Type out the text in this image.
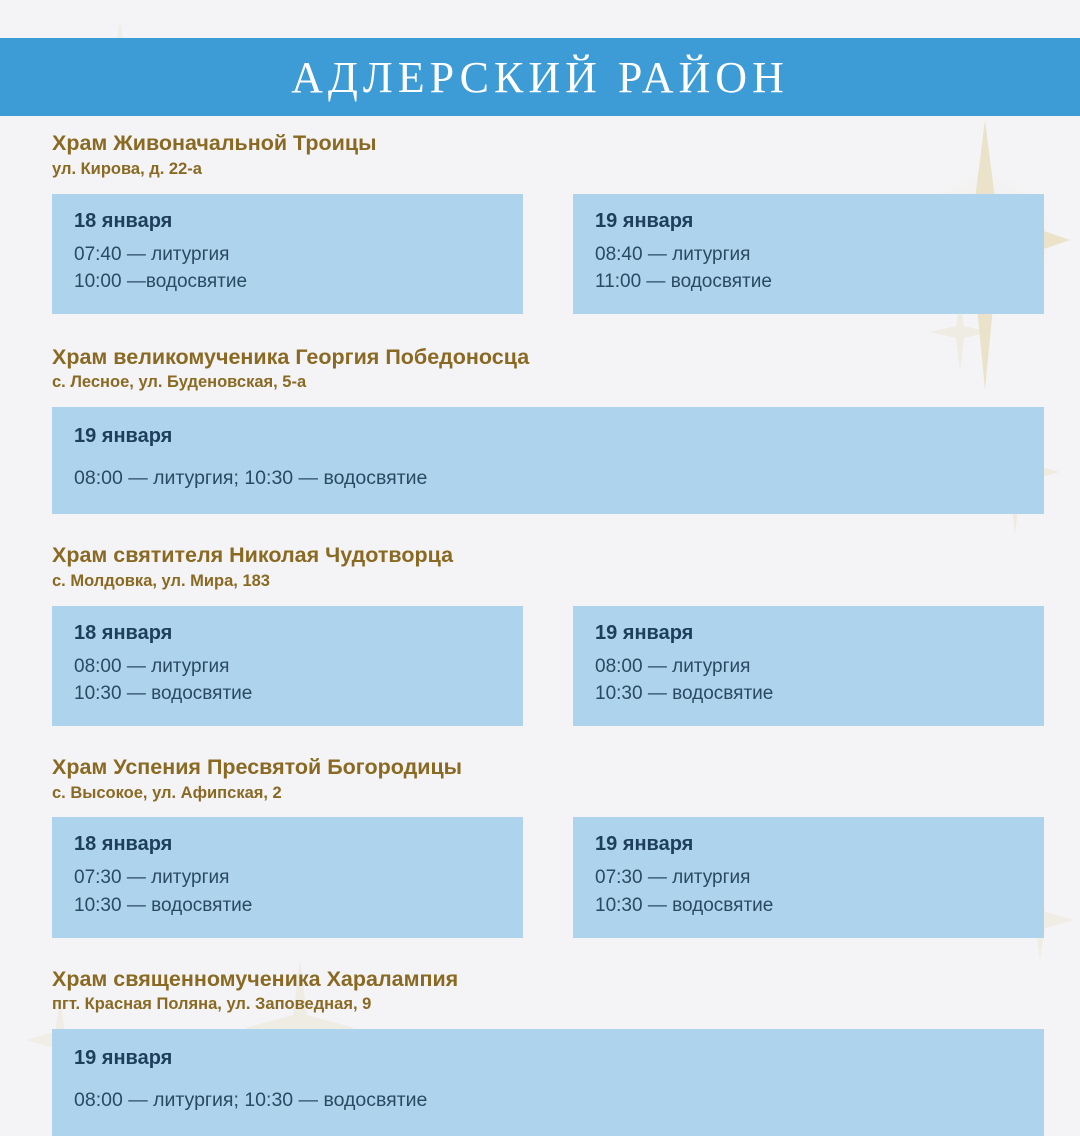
АДЛЕРСКИЙ РАЙОН
Храм Живоначальной Троицы
ул. Кирова, д. 22-а
18 января
07:40 — литургия
10:00 —водосвятие
19 января
08:40 — литургия
11:00 — водосвятие
Храм великомученика Георгия Победоносца
с. Лесное, ул. Буденовская, 5-а
19 января
08:00 — литургия; 10:30 — водосвятие
Храм святителя Николая Чудотворца
с. Молдовка, ул. Мира, 183
18 января
08:00 — литургия
10:30 — водосвятие
19 января
08:00 — литургия
10:30 — водосвятие
Храм Успения Пресвятой Богородицы
с. Высокое, ул. Афипская, 2
18 января
07:30 — литургия
10:30 — водосвятие
19 января
07:30 — литургия
10:30 — водосвятие
Храм священномученика Харалампия
пгт. Красная Поляна, ул. Заповедная, 9
19 января
08:00 — литургия; 10:30 — водосвятие
